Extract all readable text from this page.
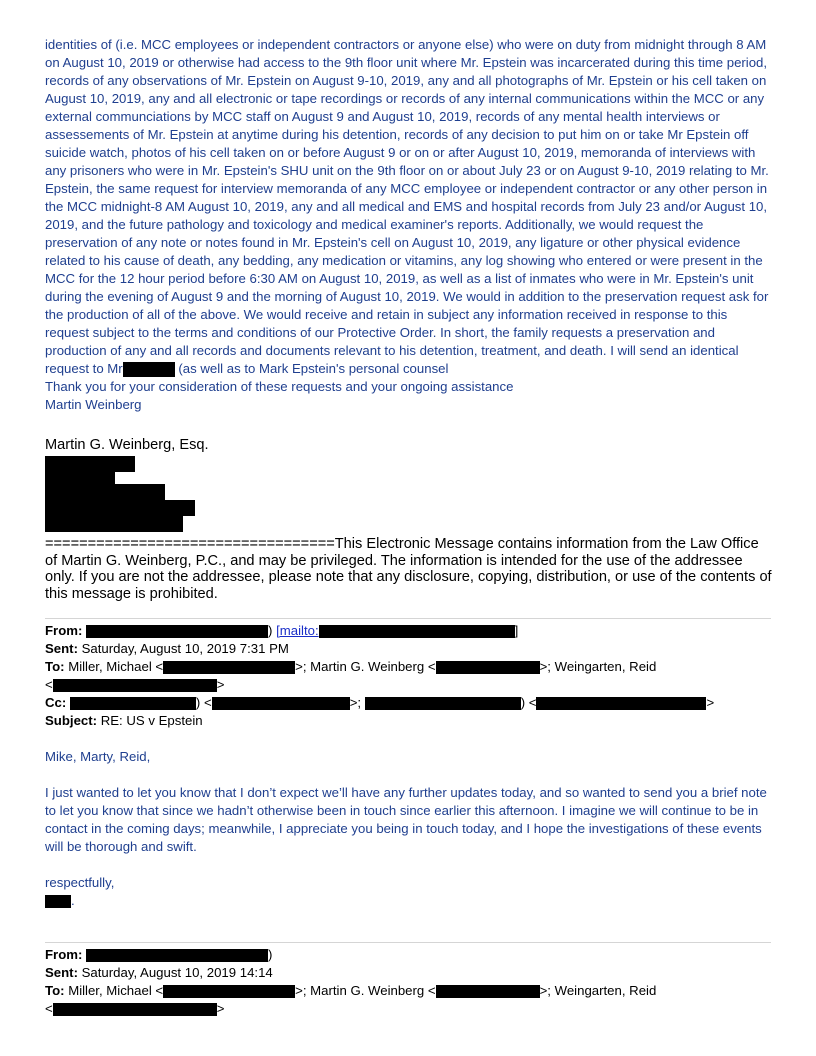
identities of (i.e. MCC employees or independent contractors or anyone else) who were on duty from midnight through 8 AM on August 10, 2019 or otherwise had access to the 9th floor unit where Mr. Epstein was incarcerated during this time period, records of any observations of Mr. Epstein on August 9-10, 2019, any and all photographs of Mr. Epstein or his cell taken on August 10, 2019, any and all electronic or tape recordings or records of any internal communications within the MCC or any external communciations by MCC staff on August 9 and August 10, 2019, records of any mental health interviews or assessements of Mr. Epstein at anytime during his detention, records of any decision to put him on or take Mr Epstein off suicide watch, photos of his cell taken on or before August 9 or on or after August 10, 2019, memoranda of interviews with any prisoners who were in Mr. Epstein's SHU unit on the 9th floor on or about July 23 or on August 9-10, 2019 relating to Mr. Epstein, the same request for interview memoranda of any MCC employee or independent contractor or any other person in the MCC midnight-8 AM August 10, 2019, any and all medical and EMS and hospital records from July 23 and/or August 10, 2019, and the future pathology and toxicology and medical examiner's reports. Additionally, we would request the preservation of any note or notes found in Mr. Epstein's cell on August 10, 2019, any ligature or other physical evidence related to his cause of death, any bedding, any medication or vitamins, any log showing who entered or were present in the MCC for the 12 hour period before 6:30 AM on August 10, 2019, as well as a list of inmates who were in Mr. Epstein's unit during the evening of August 9 and the morning of August 10, 2019. We would in addition to the preservation request ask for the production of all of the above. We would receive and retain in subject any information received in response to this request subject to the terms and conditions of our Protective Order. In short, the family requests a preservation and production of any and all records and documents relevant to his detention, treatment, and death. I will send an identical request to Mr	(as well as to Mark Epstein's personal counsel
Thank you for your consideration of these requests and your ongoing assistance
Martin Weinberg
Martin G. Weinberg, Esq.
==================================This Electronic Message contains information from the Law Office of Martin G. Weinberg, P.C., and may be privileged. The information is intended for the use of the addressee only. If you are not the addressee, please note that any disclosure, copying, distribution, or use of the contents of this message is prohibited.
From:	) [mailto:	]
Sent: Saturday, August 10, 2019 7:31 PM
To: Miller, Michael <	>; Martin G. Weinberg <	>; Weingarten, Reid
<	>
Cc:	) <	>;	) <	>
Subject: RE: US v Epstein
Mike, Marty, Reid,
I just wanted to let you know that I don’t expect we’ll have any further updates today, and so wanted to send you a brief note to let you know that since we hadn’t otherwise been in touch since earlier this afternoon. I imagine we will continue to be in contact in the coming days; meanwhile, I appreciate you being in touch today, and I hope the investigations of these events will be thorough and swift.
respectfully,
.
From:	)
Sent: Saturday, August 10, 2019 14:14
To: Miller, Michael <	>; Martin G. Weinberg <	>; Weingarten, Reid
<	>
